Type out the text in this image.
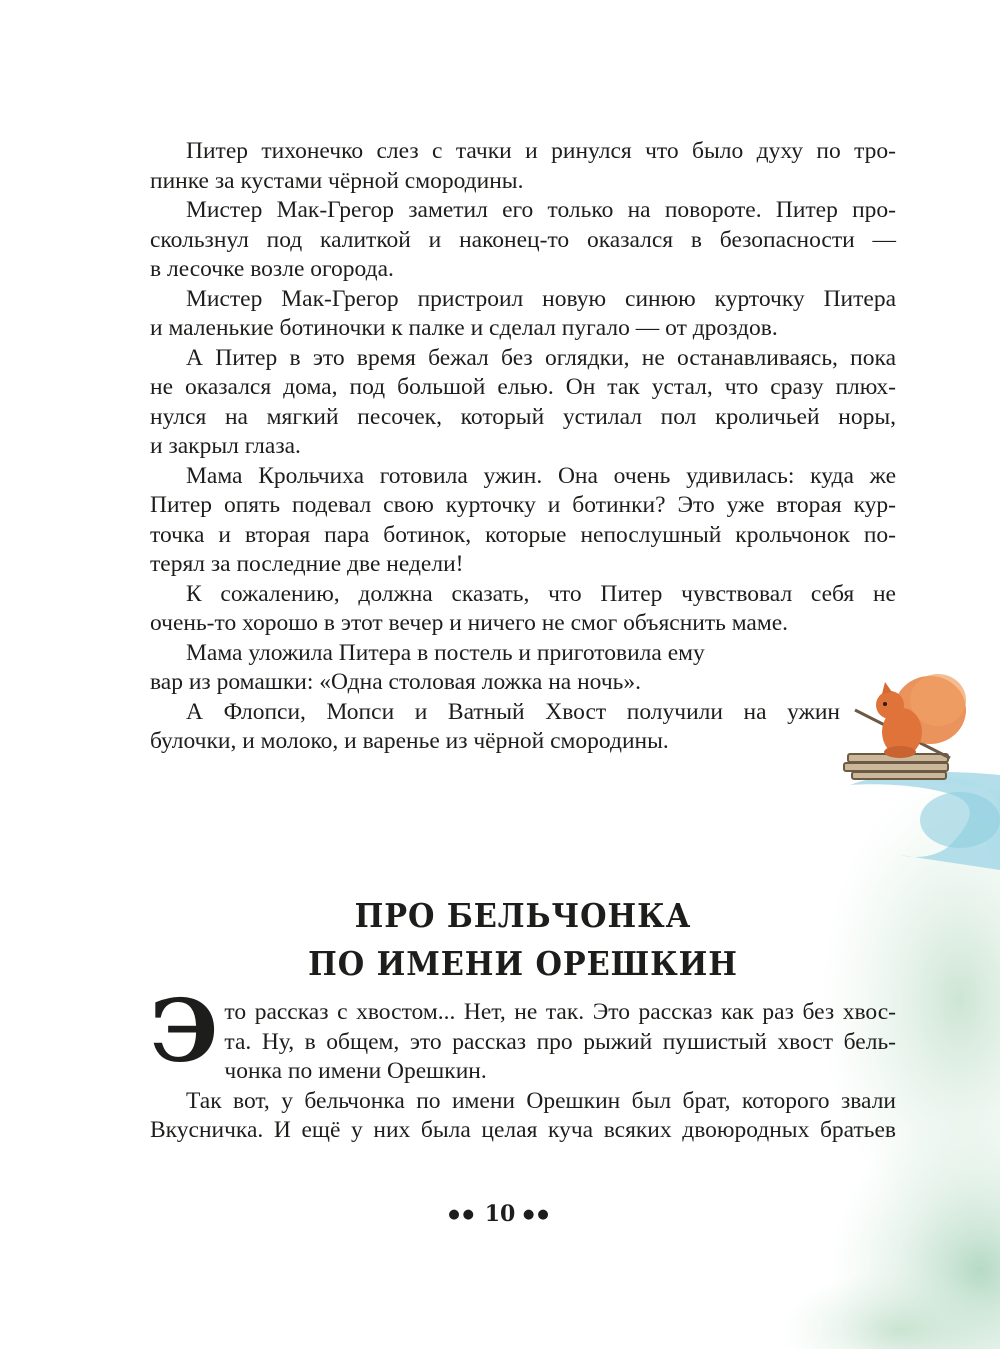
Питер тихонечко слез с тачки и ринулся что было духу по тро-
пинке за кустами чёрной смородины.

Мистер Мак-Грегор заметил его только на повороте. Питер про-
скользнул под калиткой и наконец-то оказался в безопасности —
в лесочке возле огорода.

Мистер Мак-Грегор пристроил новую синюю курточку Питера
и маленькие ботиночки к палке и сделал пугало — от дроздов.

А Питер в это время бежал без оглядки, не останавливаясь, пока
не оказался дома, под большой елью. Он так устал, что сразу плюх-
нулся на мягкий песочек, который устилал пол кроличьей норы,
и закрыл глаза.

Мама Крольчиха готовила ужин. Она очень удивилась: куда же
Питер опять подевал свою курточку и ботинки? Это уже вторая кур-
точка и вторая пара ботинок, которые непослушный крольчонок по-
терял за последние две недели!

К сожалению, должна сказать, что Питер чувствовал себя не
очень-то хорошо в этот вечер и ничего не смог объяснить маме.

Мама уложила Питера в постель и приготовила ему
вар из ромашки: «Одна столовая ложка на ночь».

А Флопси, Мопси и Ватный Хвост получили на ужин
булочки, и молоко, и варенье из чёрной смородины.

ПРО БЕЛЬЧОНКА
ПО ИМЕНИ ОРЕШКИН

Э то рассказ с хвостом... Нет, не так. Это рассказ как раз без хвос-
та. Ну, в общем, это рассказ про рыжий пушистый хвост бель-
чонка по имени Орешкин.

Так вот, у бельчонка по имени Орешкин был брат, которого звали
Вкусничка. И ещё у них была целая куча всяких двоюродных братьев

●● 10 ●●
